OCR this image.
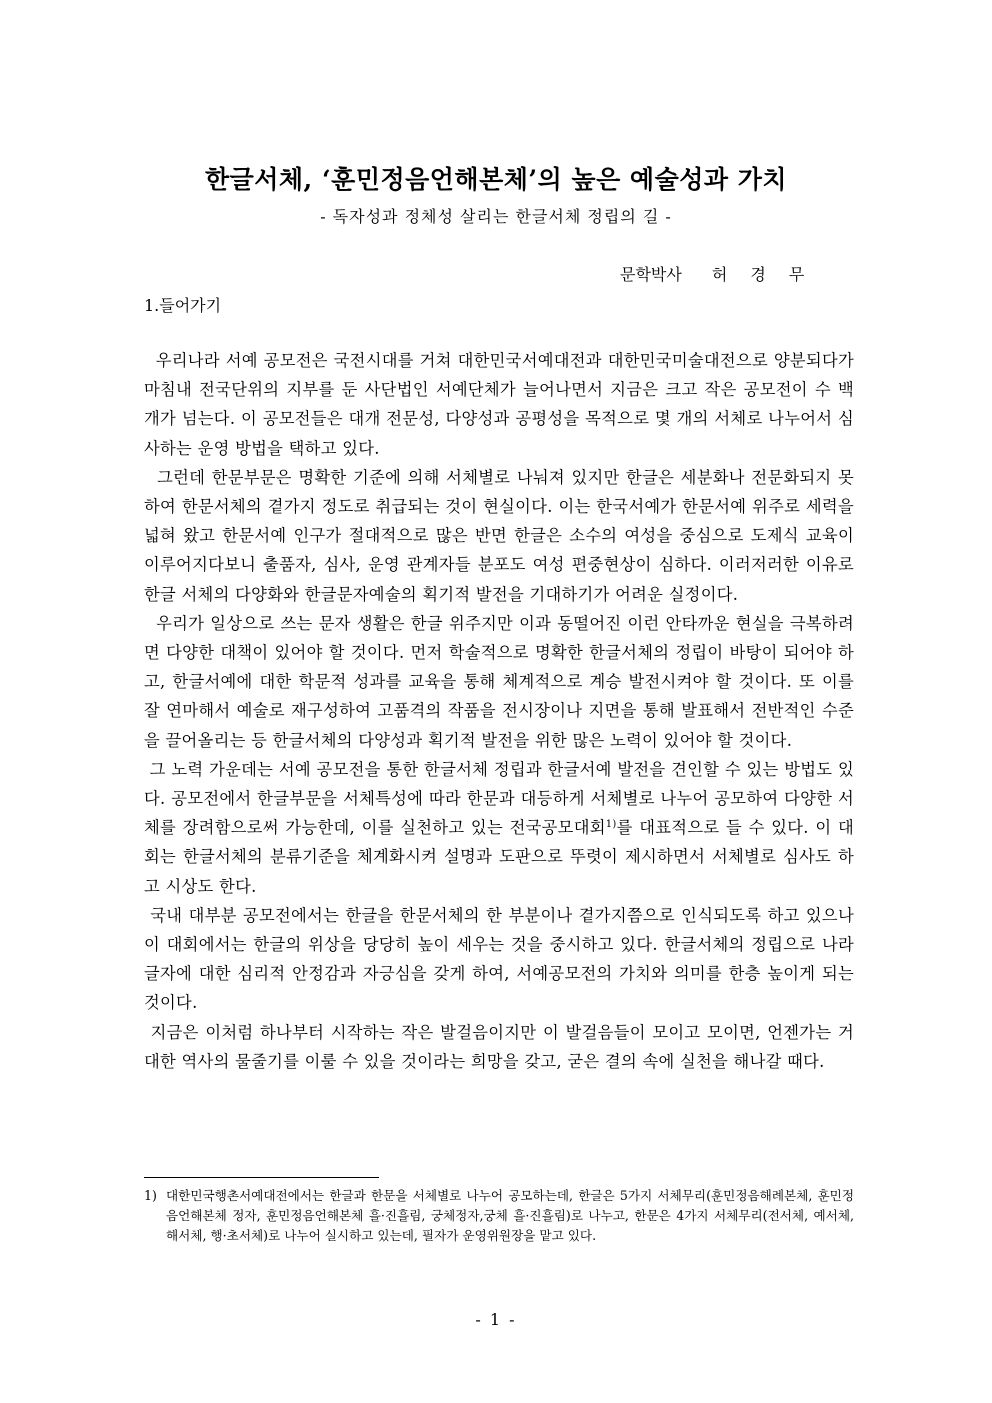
한글서체, ‘훈민정음언해본체’의 높은 예술성과 가치
- 독자성과 정체성 살리는 한글서체 정립의 길 -
문학박사 허 경 무
1.들어가기

우리나라 서예 공모전은 국전시대를 거쳐 대한민국서예대전과 대한민국미술대전으로 양분되다가 마침내 전국단위의 지부를 둔 사단법인 서예단체가 늘어나면서 지금은 크고 작은 공모전이 수 백 개가 넘는다. 이 공모전들은 대개 전문성, 다양성과 공평성을 목적으로 몇 개의 서체로 나누어서 심사하는 운영 방법을 택하고 있다.

그런데 한문부문은 명확한 기준에 의해 서체별로 나눠져 있지만 한글은 세분화나 전문화되지 못하여 한문서체의 곁가지 정도로 취급되는 것이 현실이다. 이는 한국서예가 한문서예 위주로 세력을 넓혀 왔고 한문서예 인구가 절대적으로 많은 반면 한글은 소수의 여성을 중심으로 도제식 교육이 이루어지다보니 출품자, 심사, 운영 관계자들 분포도 여성 편중현상이 심하다. 이러저러한 이유로 한글 서체의 다양화와 한글문자예술의 획기적 발전을 기대하기가 어려운 실정이다.

우리가 일상으로 쓰는 문자 생활은 한글 위주지만 이과 동떨어진 이런 안타까운 현실을 극복하려면 다양한 대책이 있어야 할 것이다. 먼저 학술적으로 명확한 한글서체의 정립이 바탕이 되어야 하고, 한글서예에 대한 학문적 성과를 교육을 통해 체계적으로 계승 발전시켜야 할 것이다. 또 이를 잘 연마해서 예술로 재구성하여 고품격의 작품을 전시장이나 지면을 통해 발표해서 전반적인 수준을 끌어올리는 등 한글서체의 다양성과 획기적 발전을 위한 많은 노력이 있어야 할 것이다.

그 노력 가운데는 서예 공모전을 통한 한글서체 정립과 한글서예 발전을 견인할 수 있는 방법도 있다. 공모전에서 한글부문을 서체특성에 따라 한문과 대등하게 서체별로 나누어 공모하여 다양한 서체를 장려함으로써 가능한데, 이를 실천하고 있는 전국공모대회$^{1)}$를 대표적으로 들 수 있다. 이 대회는 한글서체의 분류기준을 체계화시켜 설명과 도판으로 뚜렷이 제시하면서 서체별로 심사도 하고 시상도 한다.

국내 대부분 공모전에서는 한글을 한문서체의 한 부분이나 곁가지쯤으로 인식되도록 하고 있으나 이 대회에서는 한글의 위상을 당당히 높이 세우는 것을 중시하고 있다. 한글서체의 정립으로 나라글자에 대한 심리적 안정감과 자긍심을 갖게 하여, 서예공모전의 가치와 의미를 한층 높이게 되는 것이다.

지금은 이처럼 하나부터 시작하는 작은 발걸음이지만 이 발걸음들이 모이고 모이면, 언젠가는 거대한 역사의 물줄기를 이룰 수 있을 것이라는 희망을 갖고, 굳은 결의 속에 실천을 해나갈 때다.

1) 대한민국행촌서예대전에서는 한글과 한문을 서체별로 나누어 공모하는데, 한글은 5가지 서체무리(훈민정음해례본체, 훈민정음언해본체 정자, 훈민정음언해본체 흘·진흘림, 궁체정자,궁체 흘·진흘림)로 나누고, 한문은 4가지 서체무리(전서체, 예서체, 해서체, 행·초서체)로 나누어 실시하고 있는데, 필자가 운영위원장을 맡고 있다.
- 1 -
